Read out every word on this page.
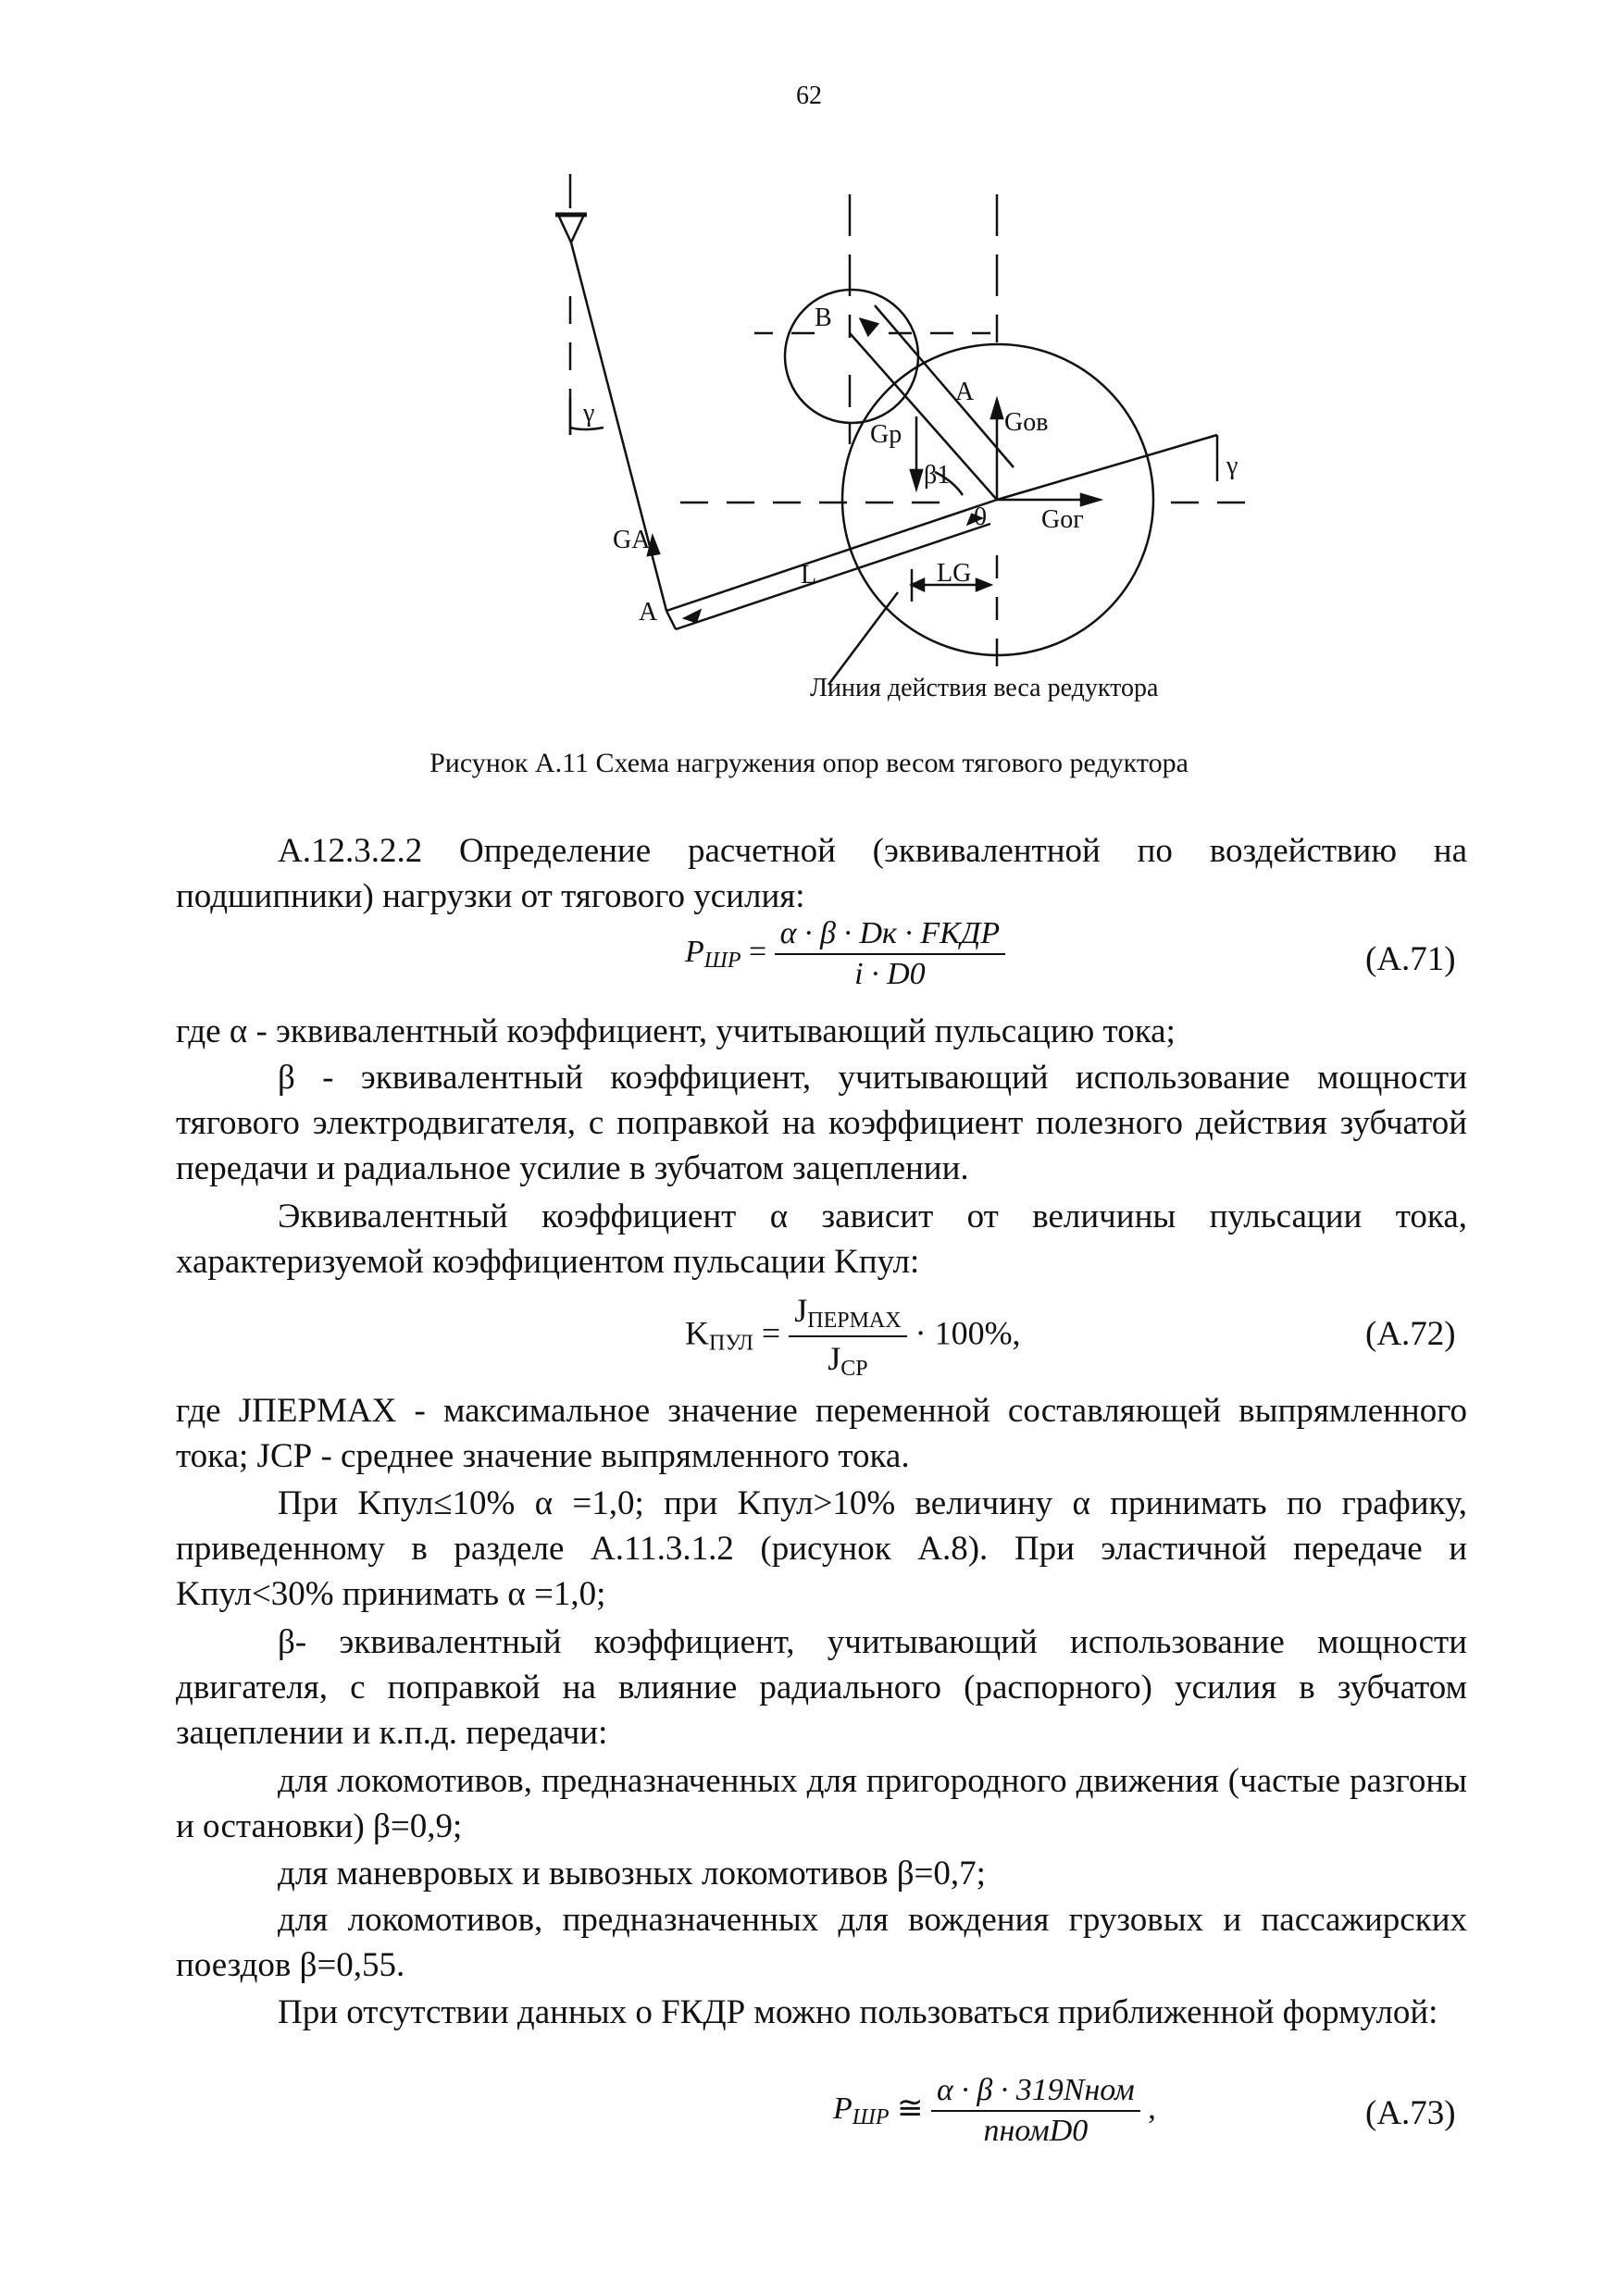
62
B
A
Gов
Gр
β1
0 Gог
γ
γ
GA
A
L	LG
Линия действия веса редуктора
Рисунок А.11 Схема нагружения опор весом тягового редуктора
А.12.3.2.2 Определение расчетной (эквивалентной по воздействию на подшипники) нагрузки от тягового усилия:
$P_{ШР} = \frac{\text{α · β · Dк · FКДР}}{i \cdot D0}$	(А.71)
где α - эквивалентный коэффициент, учитывающий пульсацию тока;
β - эквивалентный коэффициент, учитывающий использование мощности тягового электродвигателя, с поправкой на коэффициент полезного действия зубчатой передачи и радиальное усилие в зубчатом зацеплении.
Эквивалентный коэффициент α зависит от величины пульсации тока, характеризуемой коэффициентом пульсации Kпул:
$K_{ПУЛ} = \frac{J_{ПЕРМАХ}}{J_{СР}} \cdot 100\%$,	(А.72)
где JПЕРМАХ - максимальное значение переменной составляющей выпрямленного тока; JСР - среднее значение выпрямленного тока.
При Kпул≤10% α =1,0; при Kпул>10% величину α принимать по графику, приведенному в разделе А.11.3.1.2 (рисунок А.8). При эластичной передаче и Kпул<30% принимать α =1,0;
β- эквивалентный коэффициент, учитывающий использование мощности двигателя, с поправкой на влияние радиального (распорного) усилия в зубчатом зацеплении и к.п.д. передачи:
для локомотивов, предназначенных для пригородного движения (частые разгоны и остановки) β=0,9;
для маневровых и вывозных локомотивов β=0,7;
для локомотивов, предназначенных для вождения грузовых и пассажирских поездов β=0,55.
При отсутствии данных о FКДР можно пользоваться приближенной формулой:
$P_{ШР}$ ≅ $\frac{\text{α · β · 319Nном}}{\text{nномD0}}$ ,	(А.73)
